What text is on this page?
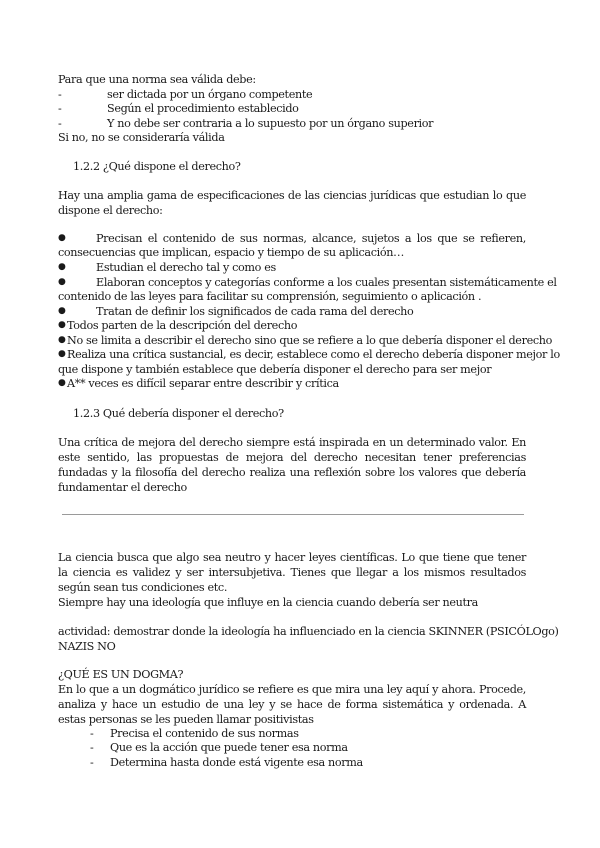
Para que una norma sea válida debe:
-	ser dictada por un órgano competente
-	Según el procedimiento establecido
-	Y no debe ser contraria a lo supuesto por un órgano superior
Si no, no se consideraría válida
1.2.2 ¿Qué dispone el derecho?
Hay una amplia gama de especificaciones de las ciencias jurídicas que estudian lo que dispone el derecho:
●	Precisan el contenido de sus normas, alcance, sujetos a los que se refieren,
consecuencias que implican, espacio y tiempo de su aplicación…
●	Estudian el derecho tal y como es
●	Elaboran conceptos y categorías conforme a los cuales presentan sistemáticamente el
contenido de las leyes para facilitar su comprensión, seguimiento o aplicación .
●	Tratan de definir los significados de cada rama del derecho
● Todos parten de la descripción del derecho
● No se limita a describir el derecho sino que se refiere a lo que debería disponer el derecho
● Realiza una crítica sustancial, es decir, establece como el derecho debería disponer mejor lo
que dispone y también establece que debería disponer el derecho para ser mejor
● A** veces es difícil separar entre describir y crítica
1.2.3 Qué debería disponer el derecho?
Una crítica de mejora del derecho siempre está inspirada en un determinado valor. En este sentido, las propuestas de mejora del derecho necesitan tener preferencias fundadas y la filosofía del derecho realiza una reflexión sobre los valores que debería fundamentar el derecho
La ciencia busca que algo sea neutro y hacer leyes científicas. Lo que tiene que tener la ciencia es validez y ser intersubjetiva. Tienes que llegar a los mismos resultados según sean tus condiciones etc.
Siempre hay una ideología que influye en la ciencia cuando debería ser neutra
actividad: demostrar donde la ideología ha influenciado en la ciencia SKINNER (PSICÓLOgo)
NAZIS NO
¿QUÉ ES UN DOGMA?
En lo que a un dogmático jurídico se refiere es que mira una ley aquí y ahora. Procede, analiza y hace un estudio de una ley y se hace de forma sistemática y ordenada. A estas personas se les pueden llamar positivistas
- Precisa el contenido de sus normas
- Que es la acción que puede tener esa norma
- Determina hasta donde está vigente esa norma
